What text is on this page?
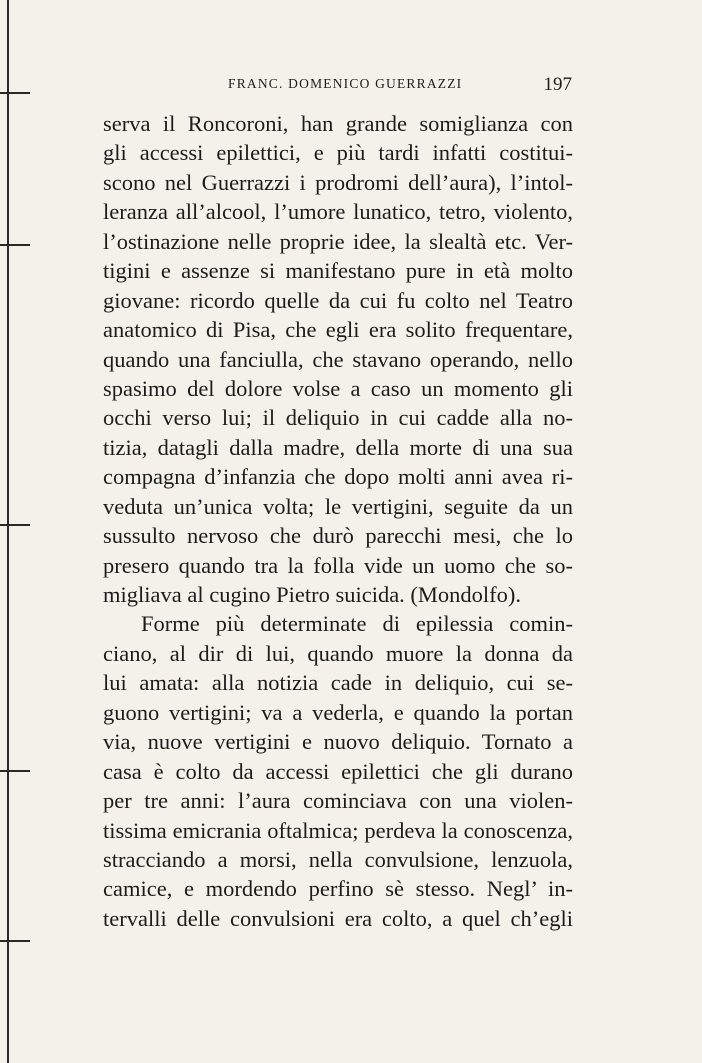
FRANC. DOMENICO GUERRAZZI	197
serva il Roncoroni, han grande somiglianza con
gli accessi epilettici, e più tardi infatti costitui-
scono nel Guerrazzi i prodromi dell’aura), l’intol-
leranza all’alcool, l’umore lunatico, tetro, violento,
l’ostinazione nelle proprie idee, la slealtà etc. Ver-
tigini e assenze si manifestano pure in età molto
giovane: ricordo quelle da cui fu colto nel Teatro
anatomico di Pisa, che egli era solito frequentare,
quando una fanciulla, che stavano operando, nello
spasimo del dolore volse a caso un momento gli
occhi verso lui; il deliquio in cui cadde alla no-
tizia, datagli dalla madre, della morte di una sua
compagna d’infanzia che dopo molti anni avea ri-
veduta un’unica volta; le vertigini, seguite da un
sussulto nervoso che durò parecchi mesi, che lo
presero quando tra la folla vide un uomo che so-
migliava al cugino Pietro suicida. (Mondolfo).
Forme più determinate di epilessia comin-
ciano, al dir di lui, quando muore la donna da
lui amata: alla notizia cade in deliquio, cui se-
guono vertigini; va a vederla, e quando la portan
via, nuove vertigini e nuovo deliquio. Tornato a
casa è colto da accessi epilettici che gli durano
per tre anni: l’aura cominciava con una violen-
tissima emicrania oftalmica; perdeva la conoscenza,
stracciando a morsi, nella convulsione, lenzuola,
camice, e mordendo perfino sè stesso. Negl’ in-
tervalli delle convulsioni era colto, a quel ch’egli
